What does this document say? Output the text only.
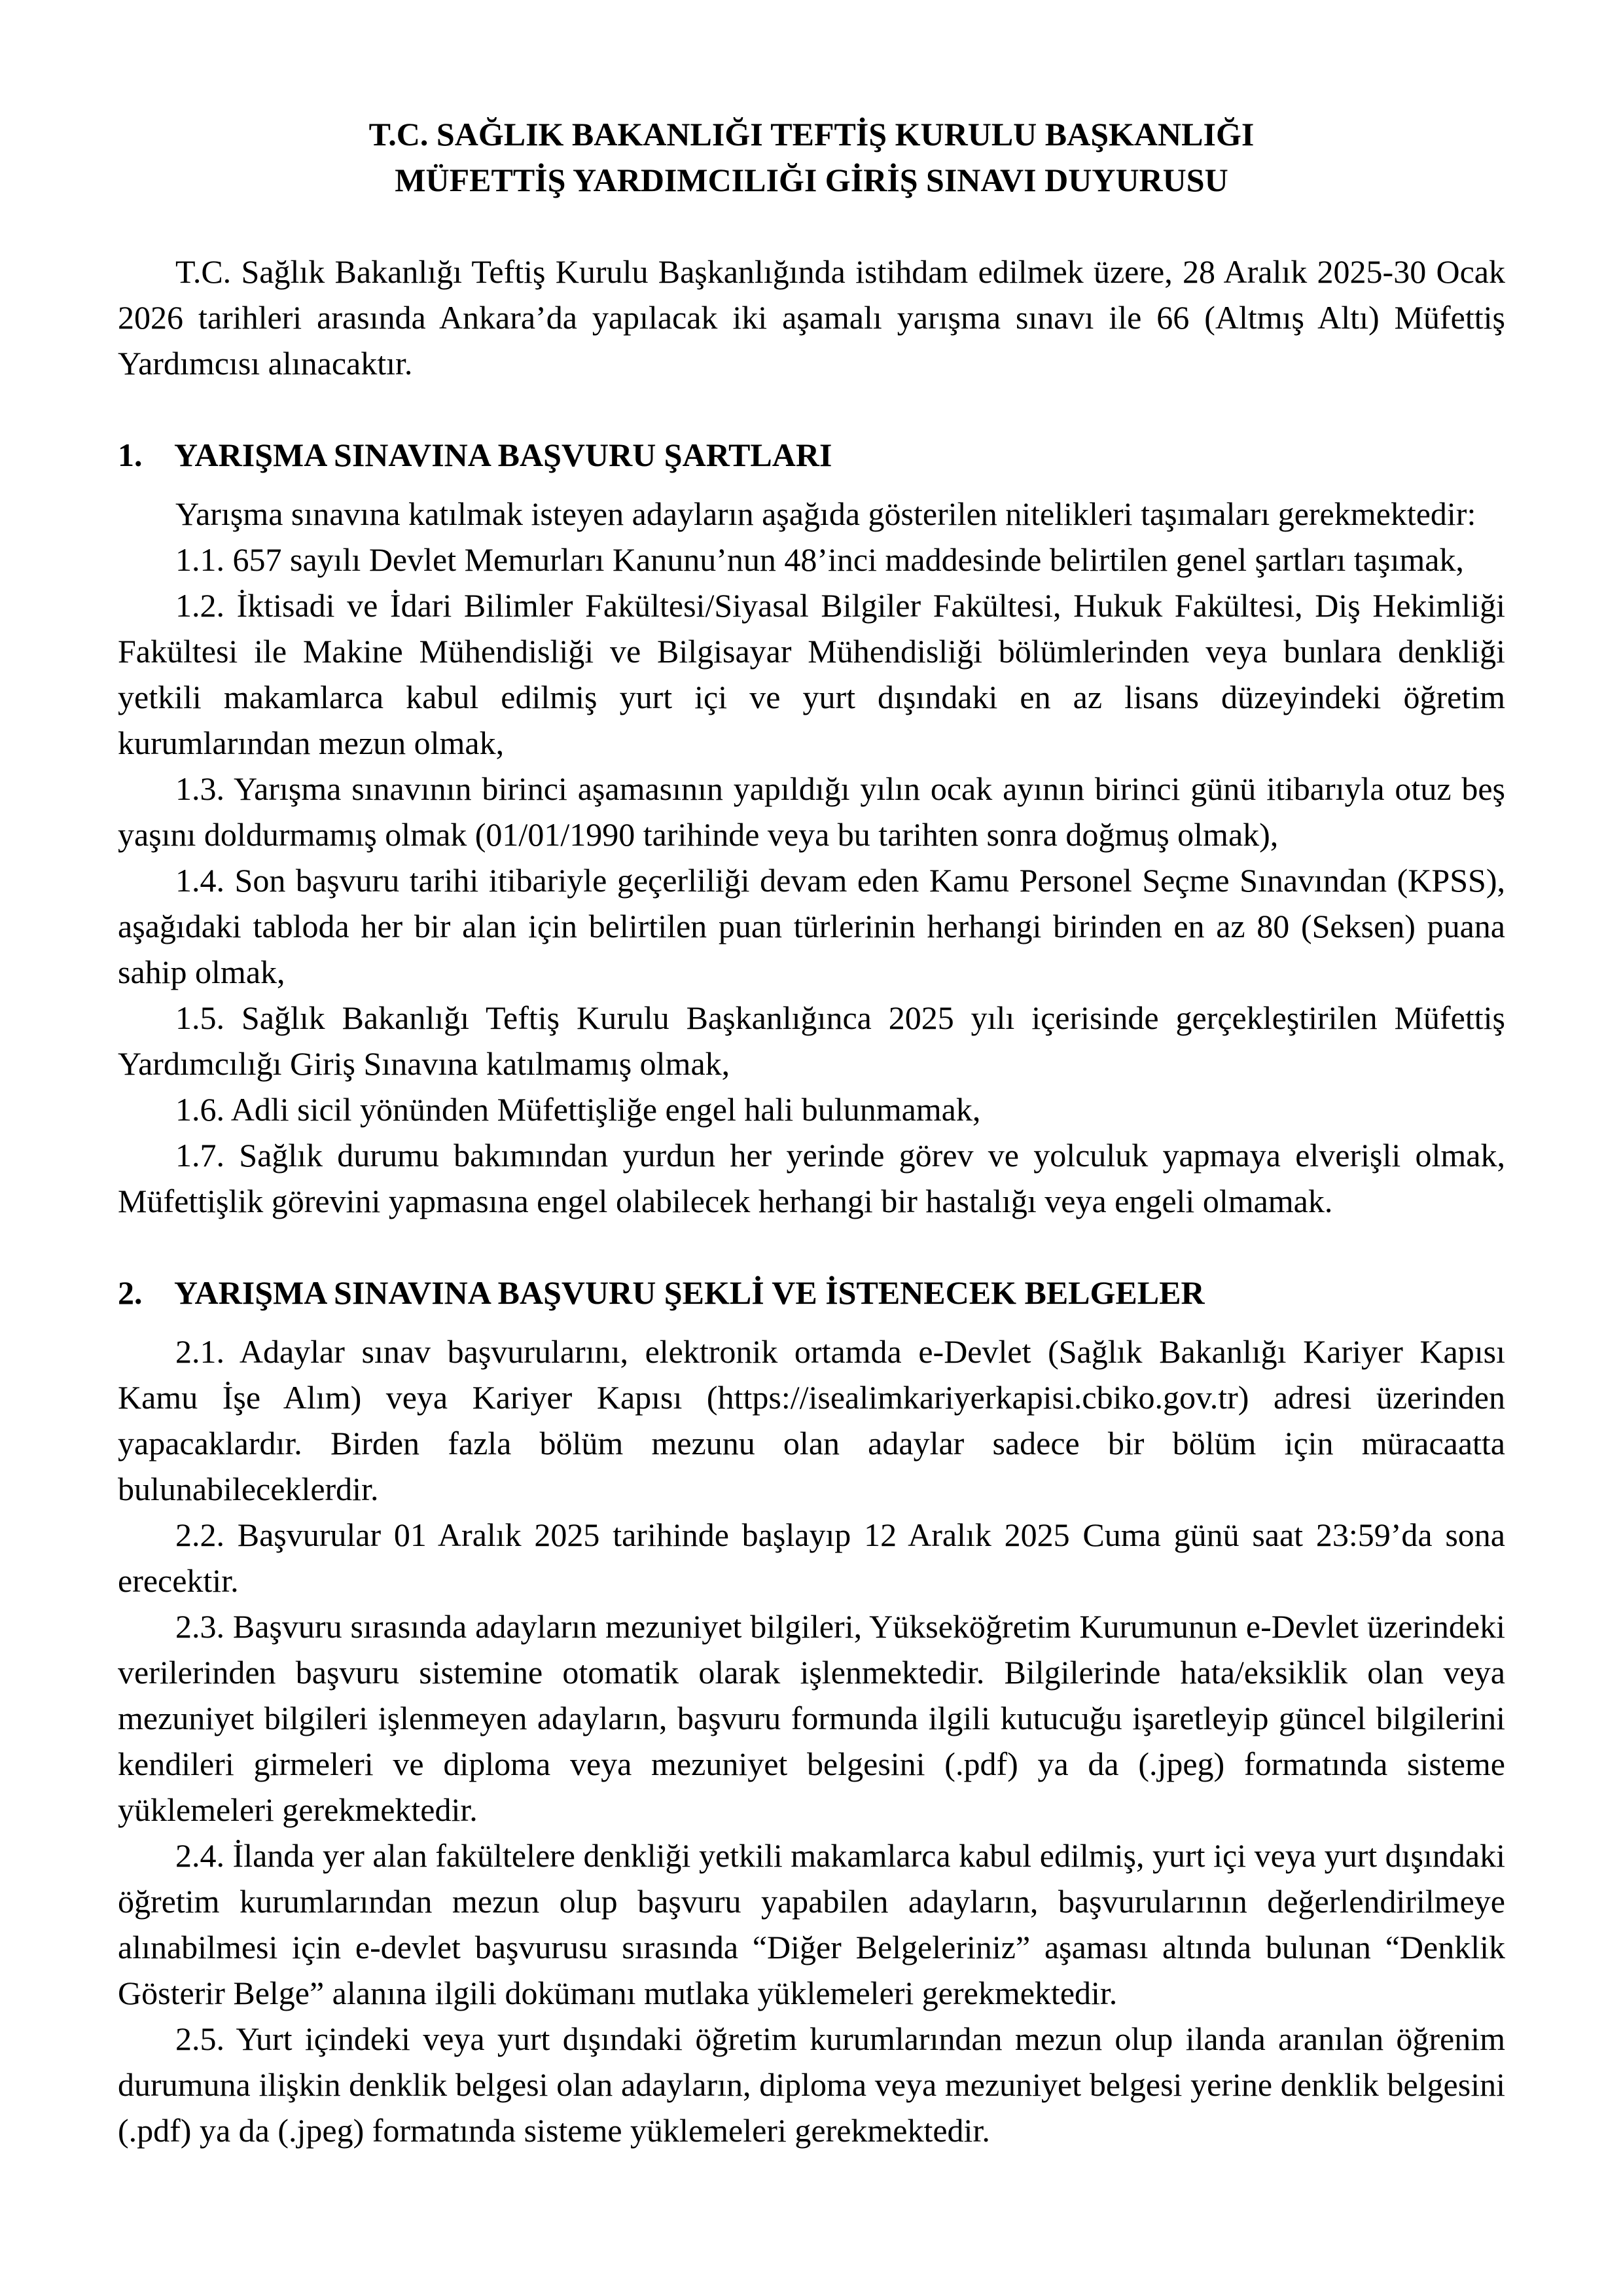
T.C. SAĞLIK BAKANLIĞI TEFTİŞ KURULU BAŞKANLIĞI
MÜFETTİŞ YARDIMCILIĞI GİRİŞ SINAVI DUYURUSU

T.C. Sağlık Bakanlığı Teftiş Kurulu Başkanlığında istihdam edilmek üzere, 28 Aralık 2025-30 Ocak 2026 tarihleri arasında Ankara’da yapılacak iki aşamalı yarışma sınavı ile 66 (Altmış Altı) Müfettiş Yardımcısı alınacaktır.

1. YARIŞMA SINAVINA BAŞVURU ŞARTLARI

Yarışma sınavına katılmak isteyen adayların aşağıda gösterilen nitelikleri taşımaları gerekmektedir:

1.1. 657 sayılı Devlet Memurları Kanunu’nun 48’inci maddesinde belirtilen genel şartları taşımak,

1.2. İktisadi ve İdari Bilimler Fakültesi/Siyasal Bilgiler Fakültesi, Hukuk Fakültesi, Diş Hekimliği Fakültesi ile Makine Mühendisliği ve Bilgisayar Mühendisliği bölümlerinden veya bunlara denkliği yetkili makamlarca kabul edilmiş yurt içi ve yurt dışındaki en az lisans düzeyindeki öğretim kurumlarından mezun olmak,

1.3. Yarışma sınavının birinci aşamasının yapıldığı yılın ocak ayının birinci günü itibarıyla otuz beş yaşını doldurmamış olmak (01/01/1990 tarihinde veya bu tarihten sonra doğmuş olmak),

1.4. Son başvuru tarihi itibariyle geçerliliği devam eden Kamu Personel Seçme Sınavından (KPSS), aşağıdaki tabloda her bir alan için belirtilen puan türlerinin herhangi birinden en az 80 (Seksen) puana sahip olmak,

1.5. Sağlık Bakanlığı Teftiş Kurulu Başkanlığınca 2025 yılı içerisinde gerçekleştirilen Müfettiş Yardımcılığı Giriş Sınavına katılmamış olmak,

1.6. Adli sicil yönünden Müfettişliğe engel hali bulunmamak,

1.7. Sağlık durumu bakımından yurdun her yerinde görev ve yolculuk yapmaya elverişli olmak, Müfettişlik görevini yapmasına engel olabilecek herhangi bir hastalığı veya engeli olmamak.

2. YARIŞMA SINAVINA BAŞVURU ŞEKLİ VE İSTENECEK BELGELER

2.1. Adaylar sınav başvurularını, elektronik ortamda e-Devlet (Sağlık Bakanlığı Kariyer Kapısı Kamu İşe Alım) veya Kariyer Kapısı (https://isealimkariyerkapisi.cbiko.gov.tr) adresi üzerinden yapacaklardır. Birden fazla bölüm mezunu olan adaylar sadece bir bölüm için müracaatta bulunabileceklerdir.

2.2. Başvurular 01 Aralık 2025 tarihinde başlayıp 12 Aralık 2025 Cuma günü saat 23:59’da sona erecektir.

2.3. Başvuru sırasında adayların mezuniyet bilgileri, Yükseköğretim Kurumunun e-Devlet üzerindeki verilerinden başvuru sistemine otomatik olarak işlenmektedir. Bilgilerinde hata/eksiklik olan veya mezuniyet bilgileri işlenmeyen adayların, başvuru formunda ilgili kutucuğu işaretleyip güncel bilgilerini kendileri girmeleri ve diploma veya mezuniyet belgesini (.pdf) ya da (.jpeg) formatında sisteme yüklemeleri gerekmektedir.

2.4. İlanda yer alan fakültelere denkliği yetkili makamlarca kabul edilmiş, yurt içi veya yurt dışındaki öğretim kurumlarından mezun olup başvuru yapabilen adayların, başvurularının değerlendirilmeye alınabilmesi için e-devlet başvurusu sırasında “Diğer Belgeleriniz” aşaması altında bulunan “Denklik Gösterir Belge” alanına ilgili dokümanı mutlaka yüklemeleri gerekmektedir.

2.5. Yurt içindeki veya yurt dışındaki öğretim kurumlarından mezun olup ilanda aranılan öğrenim durumuna ilişkin denklik belgesi olan adayların, diploma veya mezuniyet belgesi yerine denklik belgesini (.pdf) ya da (.jpeg) formatında sisteme yüklemeleri gerekmektedir.
